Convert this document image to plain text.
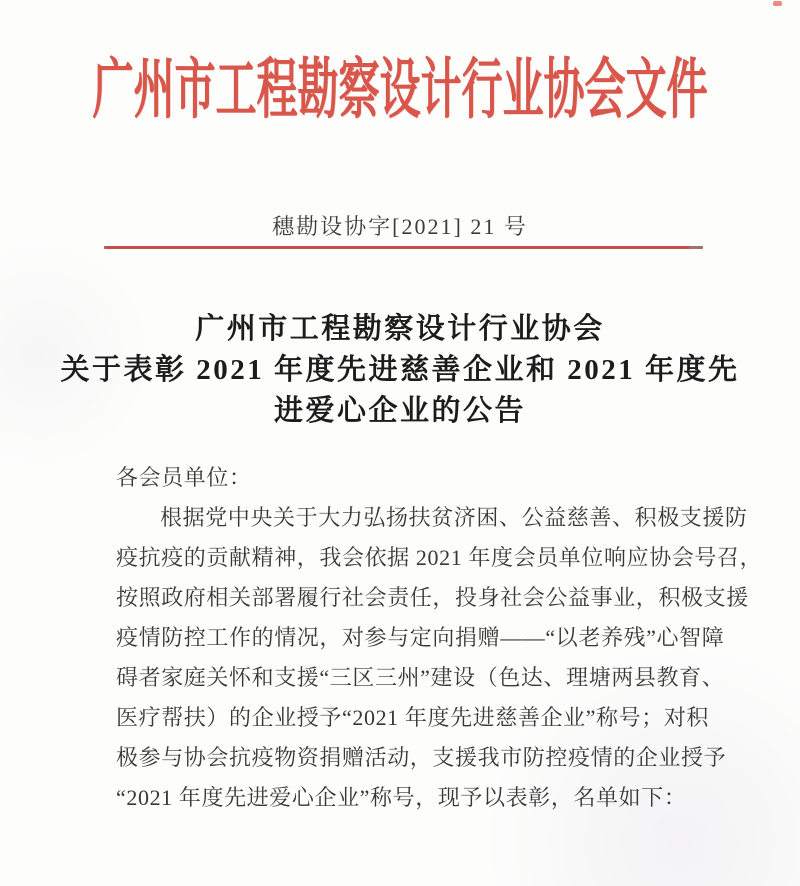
广州市工程勘察设计行业协会文件
穗勘设协字[2021] 21 号
广州市工程勘察设计行业协会
关于表彰 2021 年度先进慈善企业和 2021 年度先
进爱心企业的公告
各会员单位：
根据党中央关于大力弘扬扶贫济困、公益慈善、积极支援防
疫抗疫的贡献精神，我会依据 2021 年度会员单位响应协会号召，
按照政府相关部署履行社会责任，投身社会公益事业，积极支援
疫情防控工作的情况，对参与定向捐赠——“以老养残”心智障
碍者家庭关怀和支援“三区三州”建设（色达、理塘两县教育、
医疗帮扶）的企业授予“2021 年度先进慈善企业”称号；对积
极参与协会抗疫物资捐赠活动，支援我市防控疫情的企业授予
“2021 年度先进爱心企业”称号，现予以表彰，名单如下：
